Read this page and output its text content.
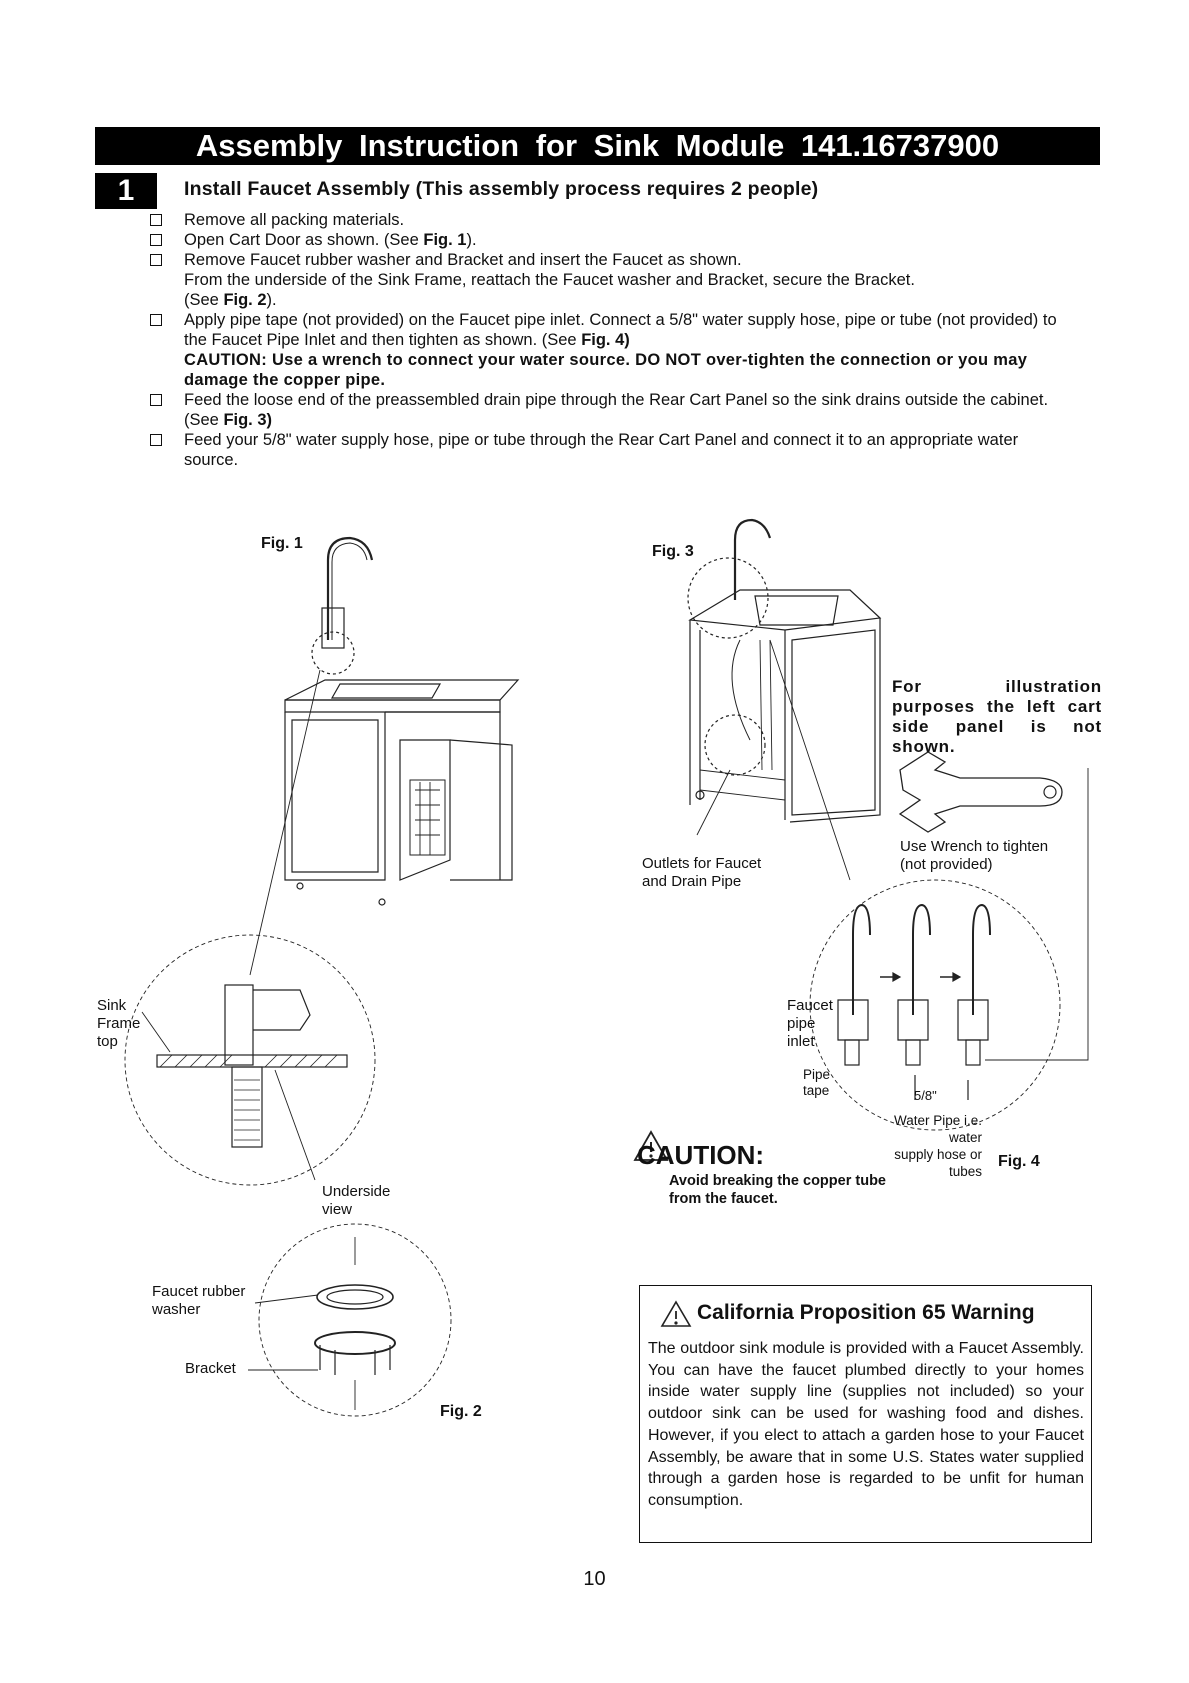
Assembly Instruction for Sink Module 141.16737900
1	Install Faucet Assembly (This assembly process requires 2 people)
Remove all packing materials.
Open Cart Door as shown. (See Fig. 1).
Remove Faucet rubber washer and Bracket and insert the Faucet as shown.
From the underside of the Sink Frame, reattach the Faucet washer and Bracket, secure the Bracket.
(See Fig. 2).
Apply pipe tape (not provided) on the Faucet pipe inlet. Connect a 5/8" water supply hose, pipe or tube (not provided) to the Faucet Pipe Inlet and then tighten as shown. (See Fig. 4)
CAUTION: Use a wrench to connect your water source. DO NOT over-tighten the connection or you may damage the copper pipe.
Feed the loose end of the preassembled drain pipe through the Rear Cart Panel so the sink drains outside the cabinet. (See Fig. 3)
Feed your 5/8" water supply hose, pipe or tube through the Rear Cart Panel and connect it to an appropriate water source.
Fig. 1
Fig. 2
Fig. 3
Fig. 4
Sink
Frame
top
Underside
view
Faucet rubber
washer
Bracket
Outlets for Faucet
and Drain Pipe
Use Wrench to tighten
(not provided)
Faucet
pipe
inlet
Pipe
tape	5/8"
Water Pipe i.e. water
supply hose or tubes
For illustration purposes the left cart side panel is not shown.
CAUTION:
Avoid breaking the copper tube from the faucet.
California Proposition 65 Warning
The outdoor sink module is provided with a Faucet Assembly. You can have the faucet plumbed directly to your homes inside water supply line (supplies not included) so your outdoor sink can be used for washing food and dishes. However, if you elect to attach a garden hose to your Faucet Assembly, be aware that in some U.S. States water supplied through a garden hose is regarded to be unfit for human consumption.
10
